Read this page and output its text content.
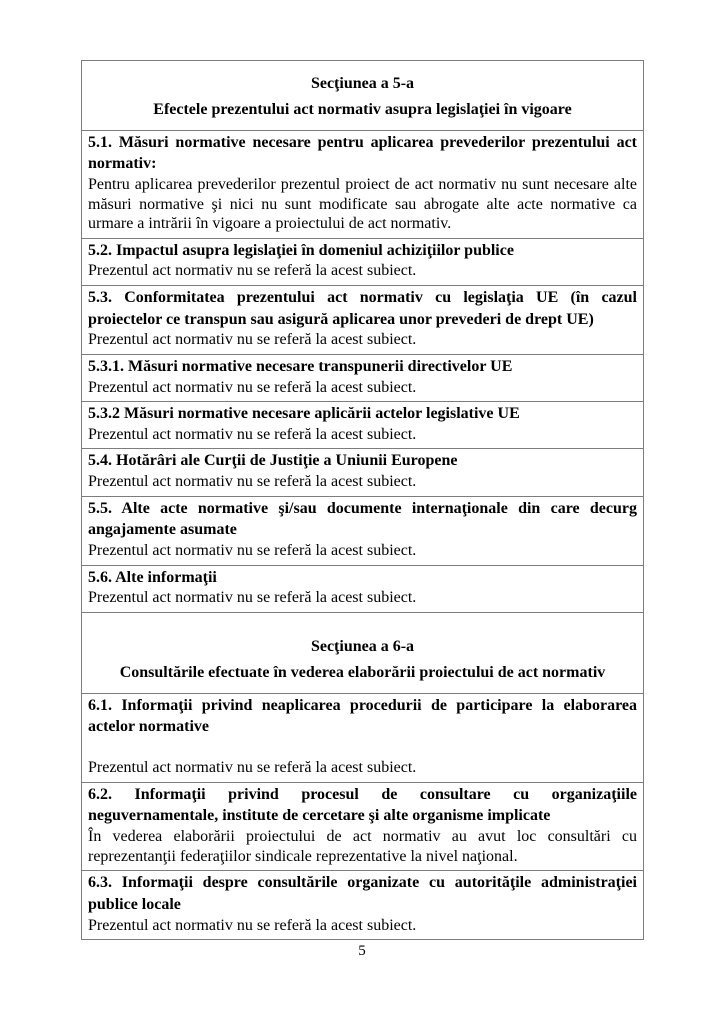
Secţiunea a 5-a

Efectele prezentului act normativ asupra legislaţiei în vigoare

5.1. Măsuri normative necesare pentru aplicarea prevederilor prezentului act normativ:

Pentru aplicarea prevederilor prezentul proiect de act normativ nu sunt necesare alte măsuri normative şi nici nu sunt modificate sau abrogate alte acte normative ca urmare a intrării în vigoare a proiectului de act normativ.

5.2. Impactul asupra legislaţiei în domeniul achiziţiilor publice

Prezentul act normativ nu se referă la acest subiect.

5.3. Conformitatea prezentului act normativ cu legislaţia UE (în cazul proiectelor ce transpun sau asigură aplicarea unor prevederi de drept UE)

Prezentul act normativ nu se referă la acest subiect.

5.3.1. Măsuri normative necesare transpunerii directivelor UE

Prezentul act normativ nu se referă la acest subiect.

5.3.2 Măsuri normative necesare aplicării actelor legislative UE

Prezentul act normativ nu se referă la acest subiect.

5.4. Hotărâri ale Curţii de Justiţie a Uniunii Europene

Prezentul act normativ nu se referă la acest subiect.

5.5. Alte acte normative şi/sau documente internaţionale din care decurg angajamente asumate

Prezentul act normativ nu se referă la acest subiect.

5.6. Alte informaţii

Prezentul act normativ nu se referă la acest subiect.

Secţiunea a 6-a

Consultările efectuate în vederea elaborării proiectului de act normativ

6.1. Informaţii privind neaplicarea procedurii de participare la elaborarea actelor normative

Prezentul act normativ nu se referă la acest subiect.

6.2. Informaţii privind procesul de consultare cu organizaţiile neguvernamentale, institute de cercetare şi alte organisme implicate

În vederea elaborării proiectului de act normativ au avut loc consultări cu reprezentanţii federaţiilor sindicale reprezentative la nivel naţional.

6.3. Informaţii despre consultările organizate cu autorităţile administraţiei publice locale

Prezentul act normativ nu se referă la acest subiect.

5
